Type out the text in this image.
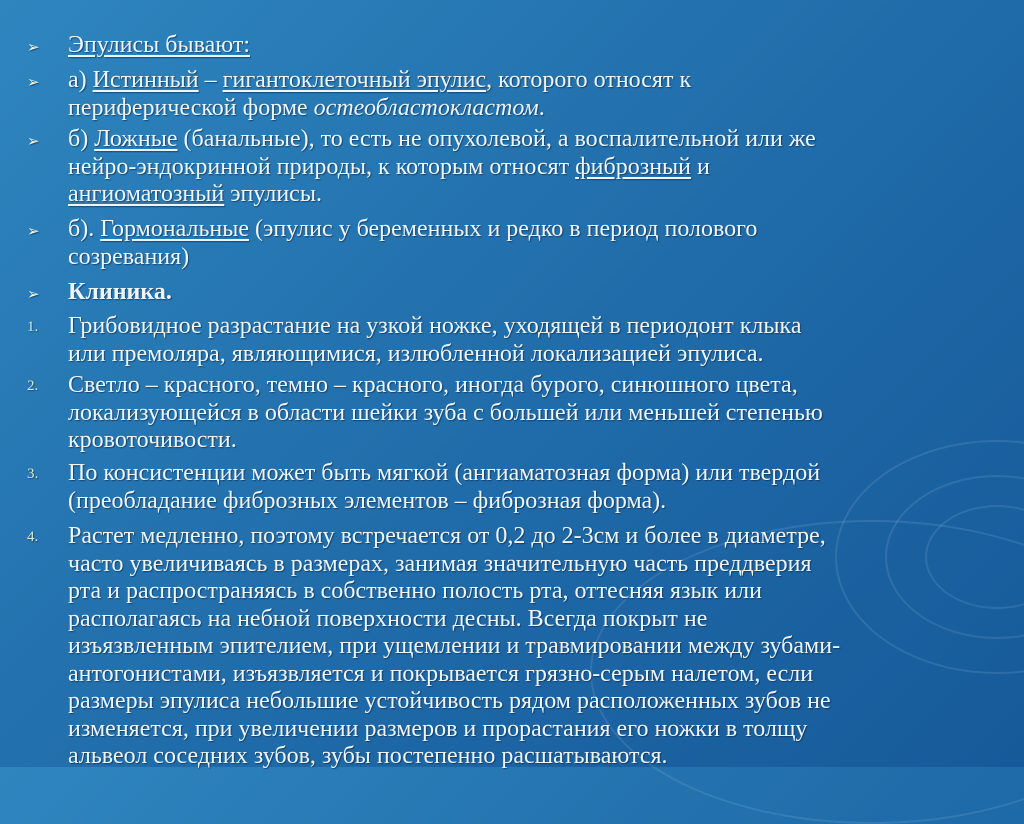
➢ Эпулисы бывают:
➢ а) Истинный – гигантоклеточный эпулис, которого относят к
периферической форме остеобластокластом.
➢ б) Ложные (банальные), то есть не опухолевой, а воспалительной или же
нейро-эндокринной природы, к которым относят фиброзный и
ангиоматозный эпулисы.
➢ б). Гормональные (эпулис у беременных и редко в период полового
созревания)
➢ Клиника.
1. Грибовидное разрастание на узкой ножке, уходящей в периодонт клыка
или премоляра, являющимися, излюбленной локализацией эпулиса.
2. Светло – красного, темно – красного, иногда бурого, синюшного цвета,
локализующейся в области шейки зуба с большей или меньшей степенью
кровоточивости.
3. По консистенции может быть мягкой (ангиаматозная форма) или твердой
(преобладание фиброзных элементов – фиброзная форма).
4. Растет медленно, поэтому встречается от 0,2 до 2-3см и более в диаметре,
часто увеличиваясь в размерах, занимая значительную часть преддверия
рта и распространяясь в собственно полость рта, оттесняя язык или
располагаясь на небной поверхности десны. Всегда покрыт не
изъязвленным эпителием, при ущемлении и травмировании между зубами-
антогонистами, изъязвляется и покрывается грязно-серым налетом, если
размеры эпулиса небольшие устойчивость рядом расположенных зубов не
изменяется, при увеличении размеров и прорастания его ножки в толщу
альвеол соседних зубов, зубы постепенно расшатываются.
